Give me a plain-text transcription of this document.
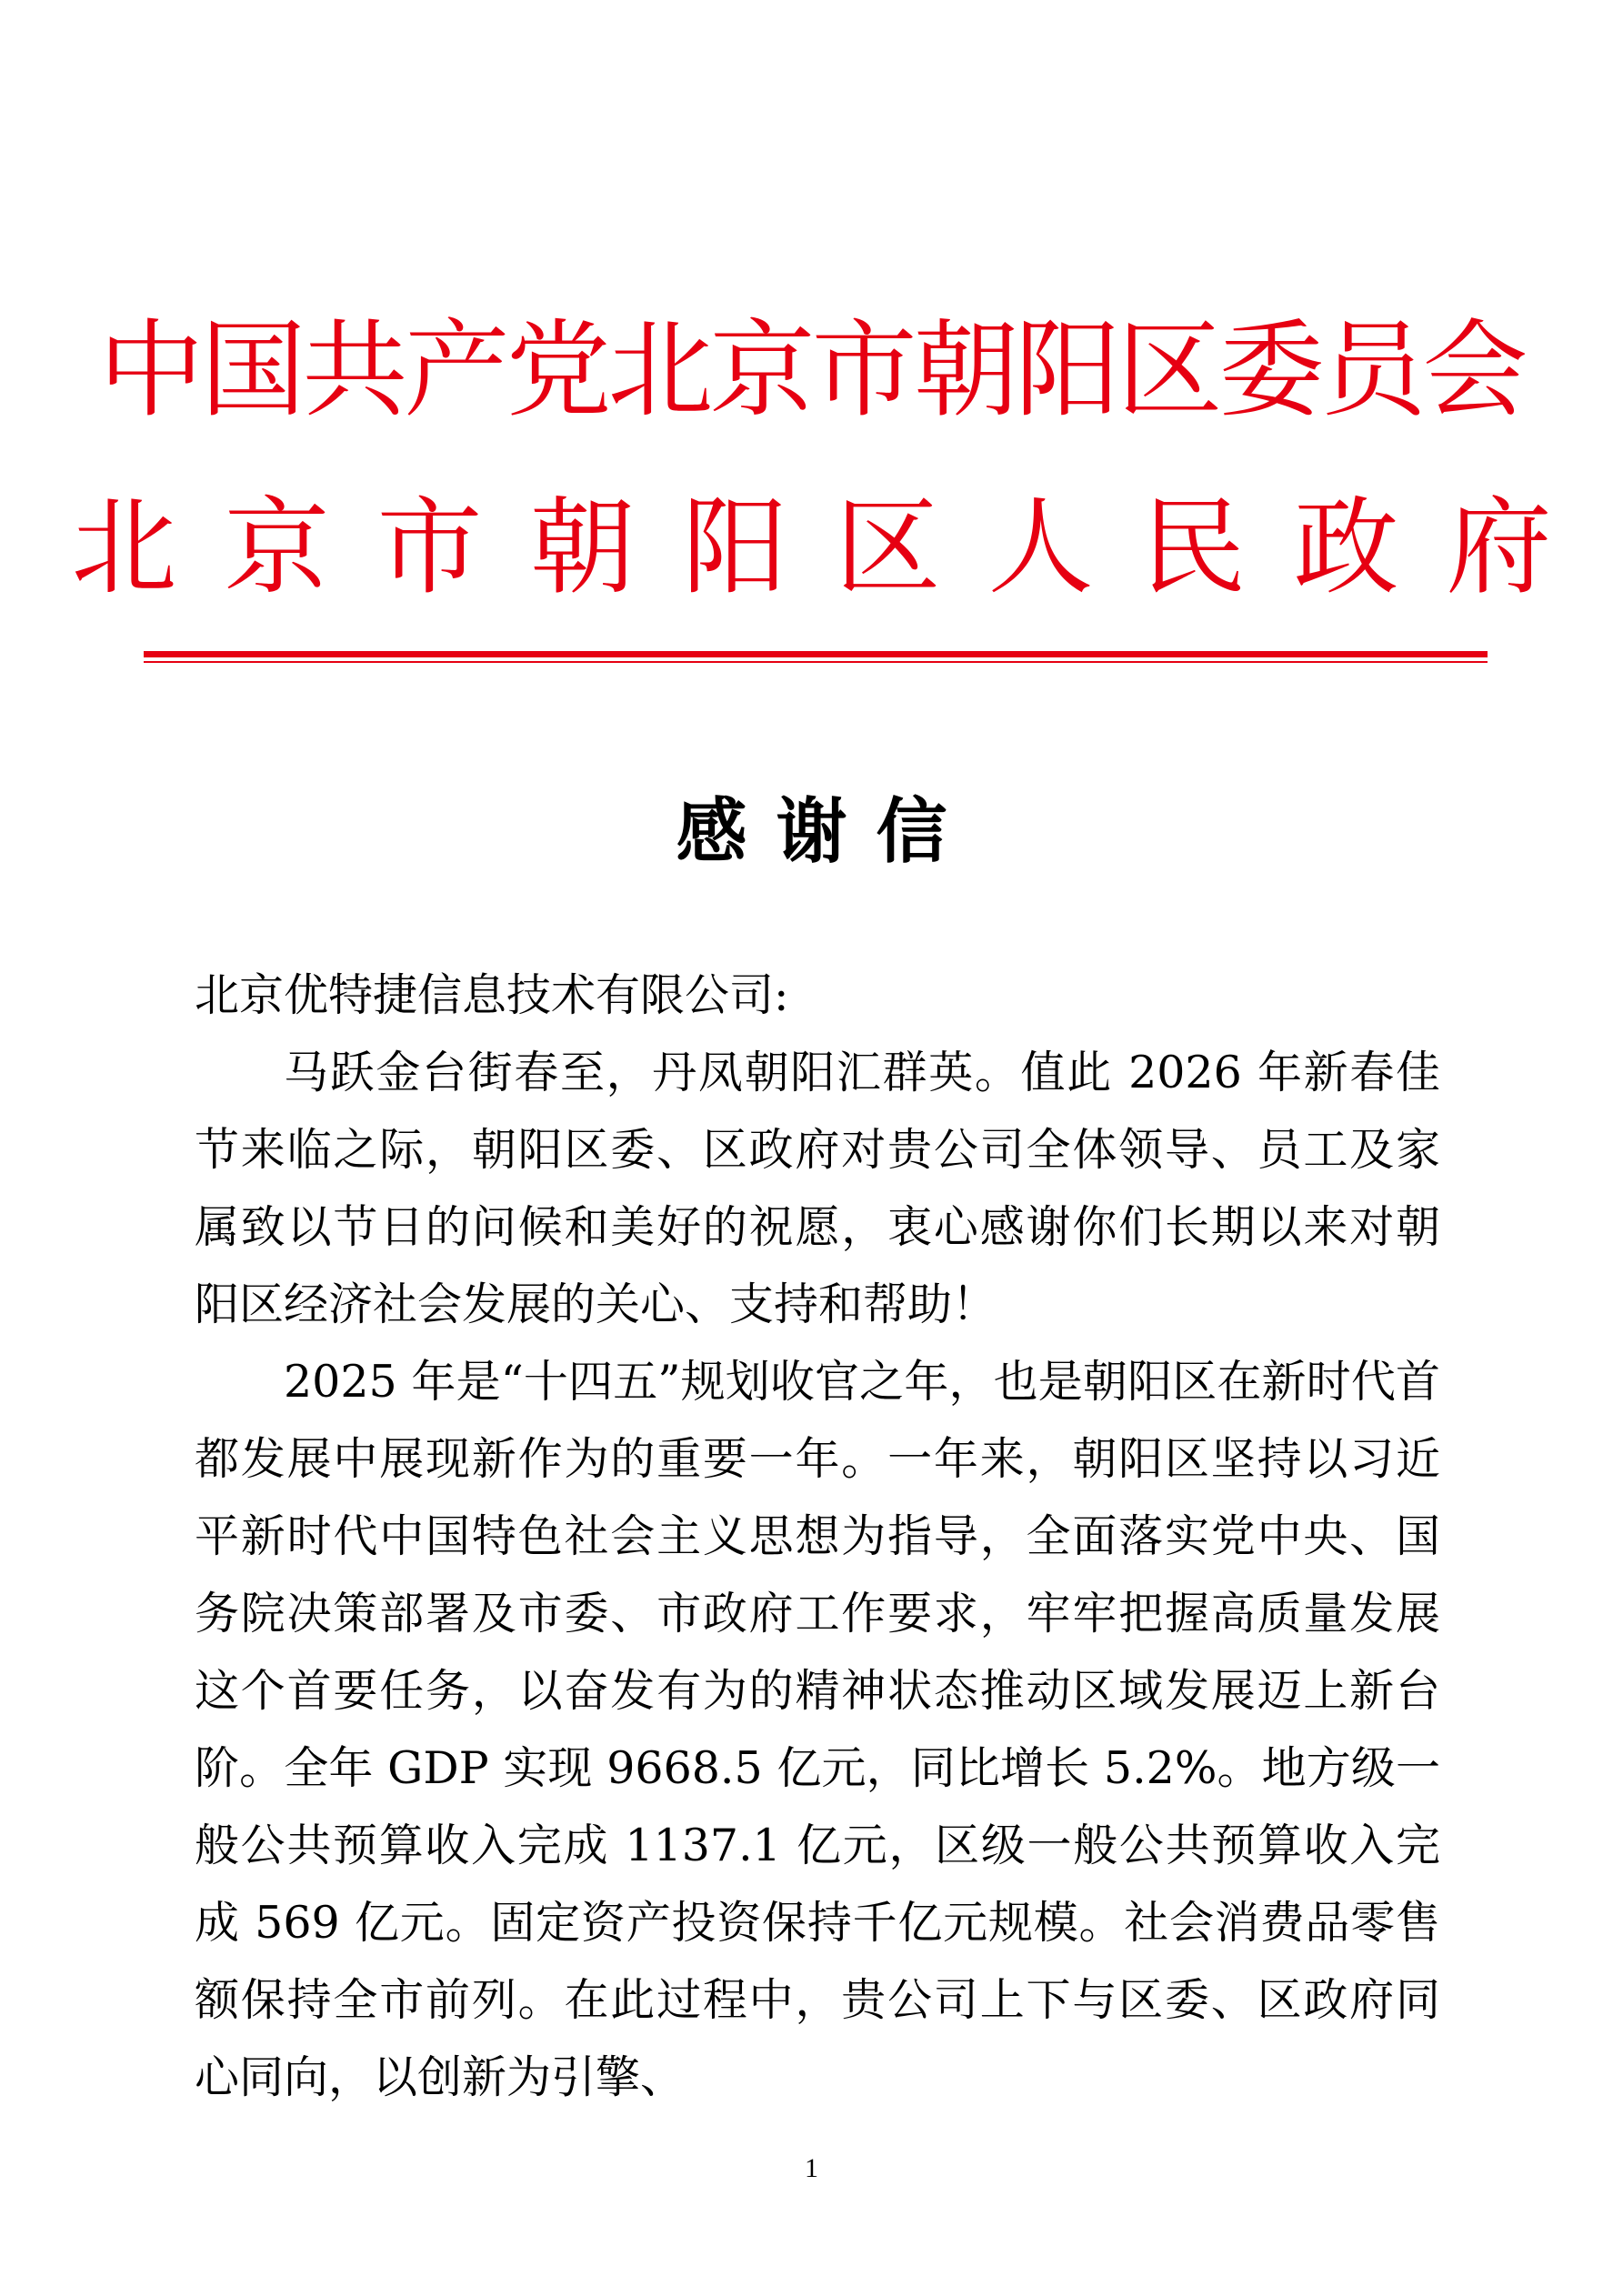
中国共产党北京市朝阳区委员会
北京市朝阳区人民政府
感谢信

北京优特捷信息技术有限公司:

马跃金台街春至，丹凤朝阳汇群英。值此 2026 年新春佳节来临之际，朝阳区委、区政府对贵公司全体领导、员工及家属致以节日的问候和美好的祝愿，衷心感谢你们长期以来对朝阳区经济社会发展的关心、支持和帮助！

2025 年是“十四五”规划收官之年，也是朝阳区在新时代首都发展中展现新作为的重要一年。一年来，朝阳区坚持以习近平新时代中国特色社会主义思想为指导，全面落实党中央、国务院决策部署及市委、市政府工作要求，牢牢把握高质量发展这个首要任务，以奋发有为的精神状态推动区域发展迈上新台阶。全年 GDP 实现 9668.5 亿元，同比增长 5.2%。地方级一般公共预算收入完成 1137.1 亿元，区级一般公共预算收入完成 569 亿元。固定资产投资保持千亿元规模。社会消费品零售额保持全市前列。在此过程中，贵公司上下与区委、区政府同心同向，以创新为引擎、

1
